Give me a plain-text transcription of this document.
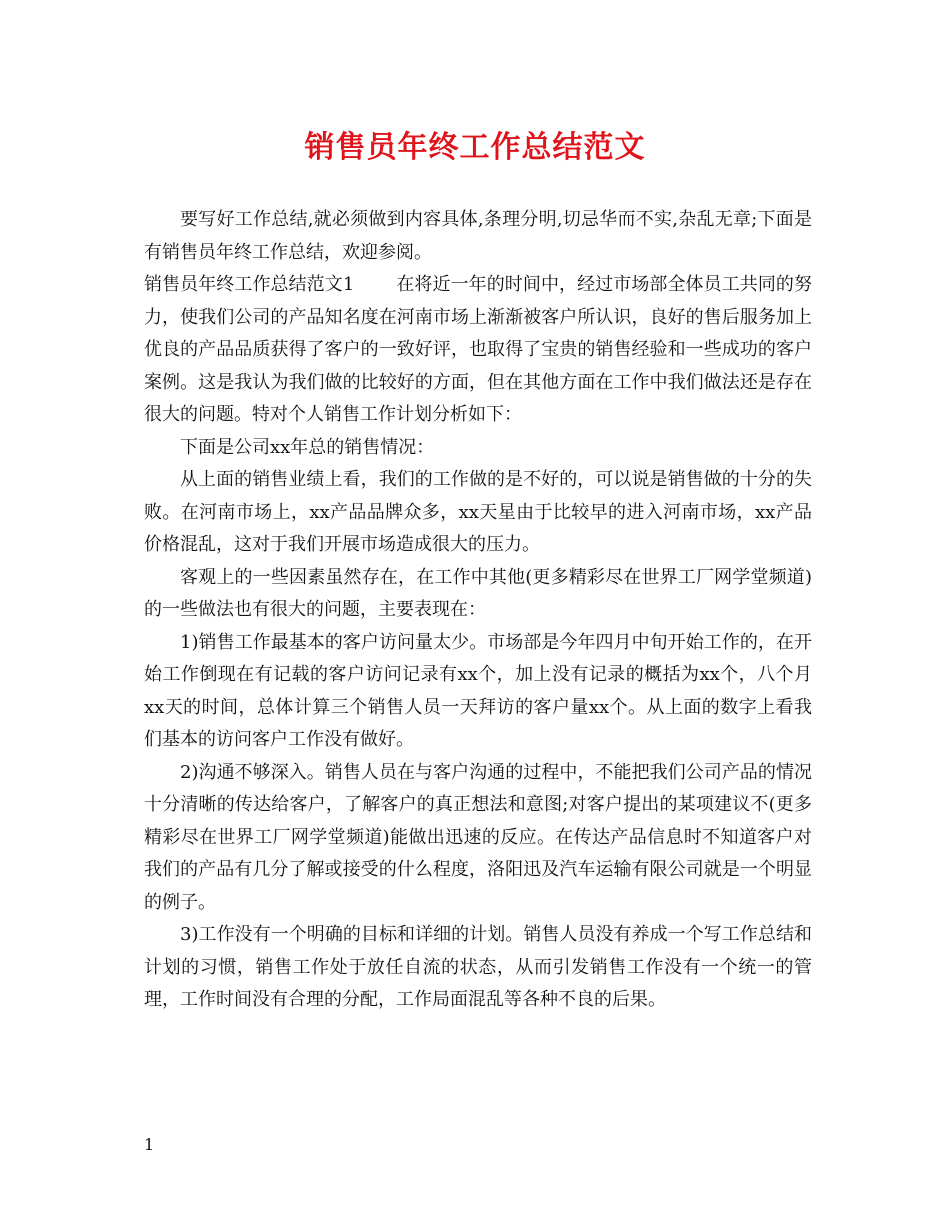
销售员年终工作总结范文

要写好工作总结,就必须做到内容具体,条理分明,切忌华而不实,杂乱无章;下面是有销售员年终工作总结，欢迎参阅。

销售员年终工作总结范文1 在将近一年的时间中，经过市场部全体员工共同的努力，使我们公司的产品知名度在河南市场上渐渐被客户所认识，良好的售后服务加上优良的产品品质获得了客户的一致好评，也取得了宝贵的销售经验和一些成功的客户案例。这是我认为我们做的比较好的方面，但在其他方面在工作中我们做法还是存在很大的问题。特对个人销售工作计划分析如下：

下面是公司xx年总的销售情况：

从上面的销售业绩上看，我们的工作做的是不好的，可以说是销售做的十分的失败。在河南市场上，xx产品品牌众多，xx天星由于比较早的进入河南市场，xx产品价格混乱，这对于我们开展市场造成很大的压力。

客观上的一些因素虽然存在，在工作中其他(更多精彩尽在世界工厂网学堂频道)的一些做法也有很大的问题，主要表现在：

1)销售工作最基本的客户访问量太少。市场部是今年四月中旬开始工作的，在开始工作倒现在有记载的客户访问记录有xx个，加上没有记录的概括为xx个，八个月xx天的时间，总体计算三个销售人员一天拜访的客户量xx个。从上面的数字上看我们基本的访问客户工作没有做好。

2)沟通不够深入。销售人员在与客户沟通的过程中，不能把我们公司产品的情况十分清晰的传达给客户，了解客户的真正想法和意图;对客户提出的某项建议不(更多精彩尽在世界工厂网学堂频道)能做出迅速的反应。在传达产品信息时不知道客户对我们的产品有几分了解或接受的什么程度，洛阳迅及汽车运输有限公司就是一个明显的例子。

3)工作没有一个明确的目标和详细的计划。销售人员没有养成一个写工作总结和计划的习惯，销售工作处于放任自流的状态，从而引发销售工作没有一个统一的管理，工作时间没有合理的分配，工作局面混乱等各种不良的后果。

1
